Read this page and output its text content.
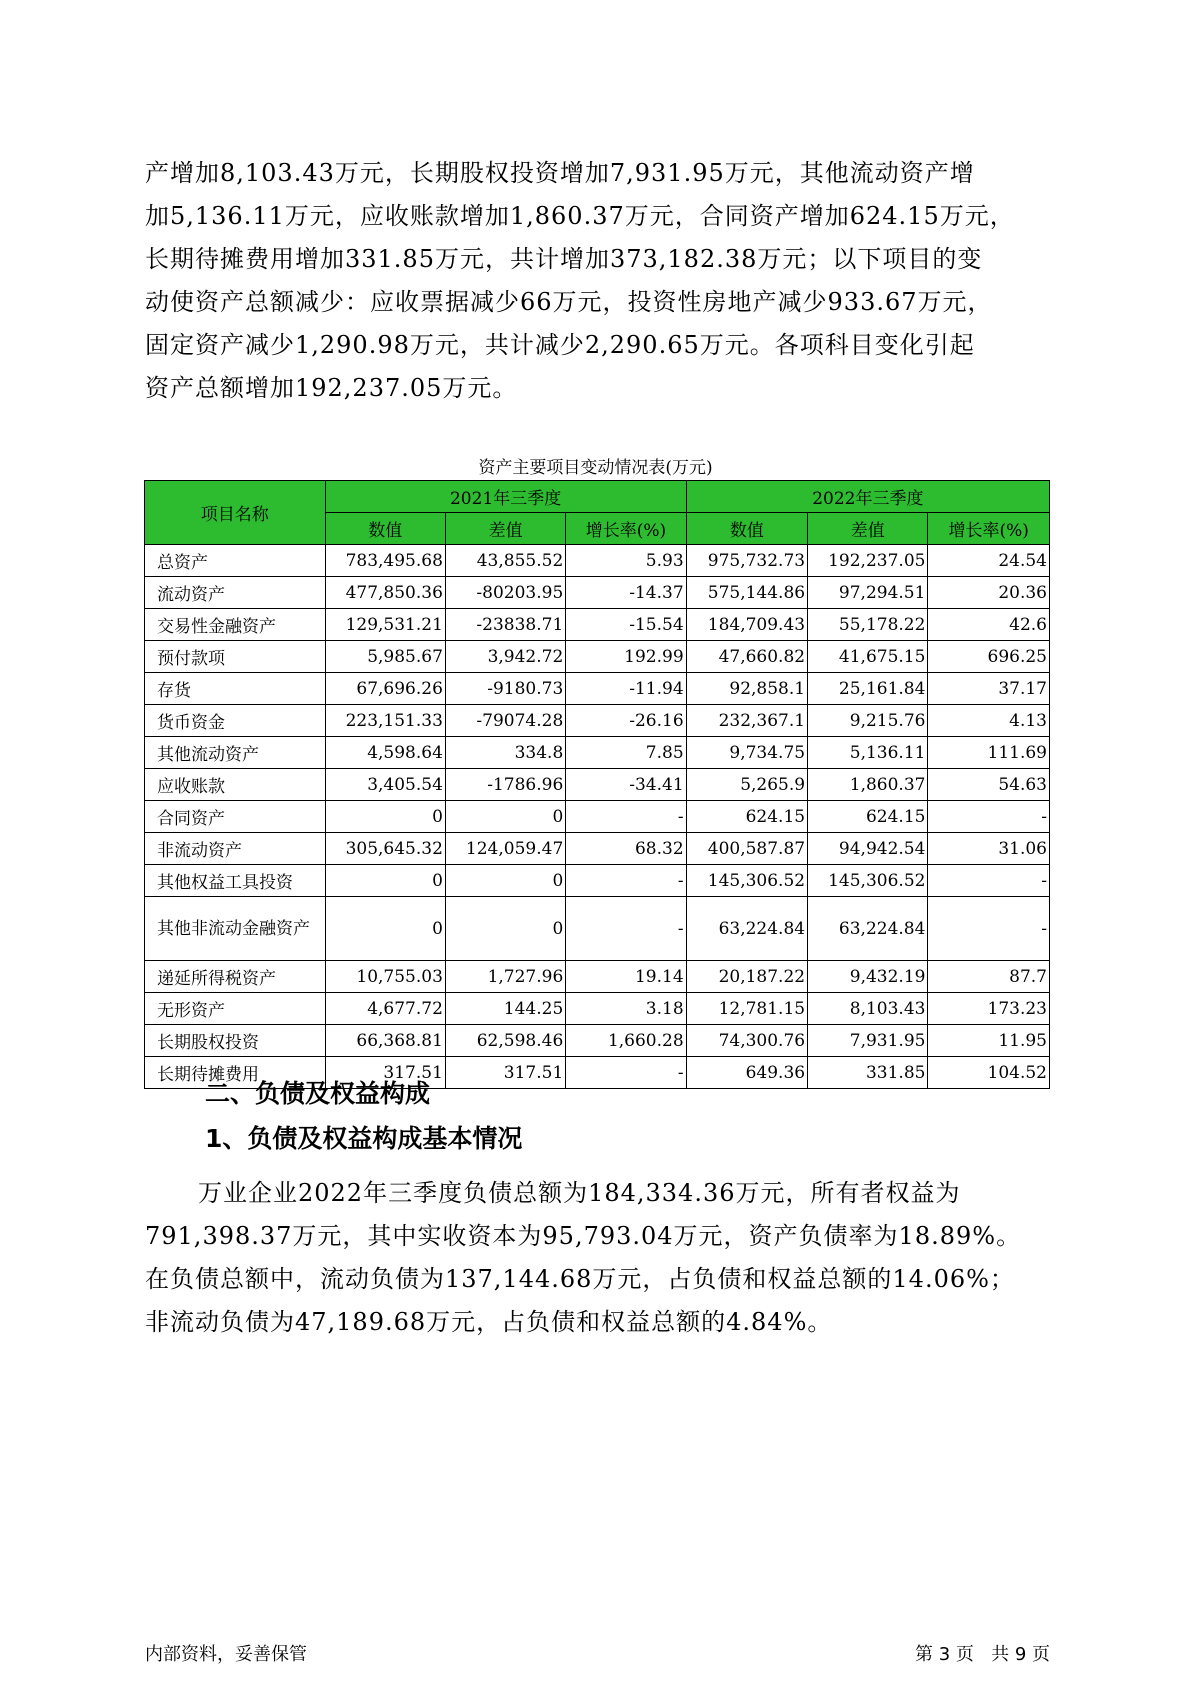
产增加8,103.43万元，长期股权投资增加7,931.95万元，其他流动资产增

加5,136.11万元，应收账款增加1,860.37万元，合同资产增加624.15万元，

长期待摊费用增加331.85万元，共计增加373,182.38万元；以下项目的变

动使资产总额减少：应收票据减少66万元，投资性房地产减少933.67万元，

固定资产减少1,290.98万元，共计减少2,290.65万元。各项科目变化引起

资产总额增加192,237.05万元。

资产主要项目变动情况表(万元)
项目名称	2021年三季度			2022年三季度		
	数值	差值	增长率(%)	数值	差值	增长率(%)
总资产	783,495.68	43,855.52	5.93	975,732.73	192,237.05	24.54
流动资产	477,850.36	-80203.95	-14.37	575,144.86	97,294.51	20.36
交易性金融资产	129,531.21	-23838.71	-15.54	184,709.43	55,178.22	42.6
预付款项	5,985.67	3,942.72	192.99	47,660.82	41,675.15	696.25
存货	67,696.26	-9180.73	-11.94	92,858.1	25,161.84	37.17
货币资金	223,151.33	-79074.28	-26.16	232,367.1	9,215.76	4.13
其他流动资产	4,598.64	334.8	7.85	9,734.75	5,136.11	111.69
应收账款	3,405.54	-1786.96	-34.41	5,265.9	1,860.37	54.63
合同资产	0	0	-	624.15	624.15	-
非流动资产	305,645.32	124,059.47	68.32	400,587.87	94,942.54	31.06
其他权益工具投资	0	0	-	145,306.52	145,306.52	-
其他非流动金融资产	0	0	-	63,224.84	63,224.84	-
递延所得税资产	10,755.03	1,727.96	19.14	20,187.22	9,432.19	87.7
无形资产	4,677.72	144.25	3.18	12,781.15	8,103.43	173.23
长期股权投资	66,368.81	62,598.46	1,660.28	74,300.76	7,931.95	11.95
长期待摊费用	317.51	317.51	-	649.36	331.85	104.52
二、负债及权益构成
1、负债及权益构成基本情况

万业企业2022年三季度负债总额为184,334.36万元，所有者权益为

791,398.37万元，其中实收资本为95,793.04万元，资产负债率为18.89%。

在负债总额中，流动负债为137,144.68万元，占负债和权益总额的14.06%；

非流动负债为47,189.68万元，占负债和权益总额的4.84%。

内部资料，妥善保管	第 3 页   共 9 页
